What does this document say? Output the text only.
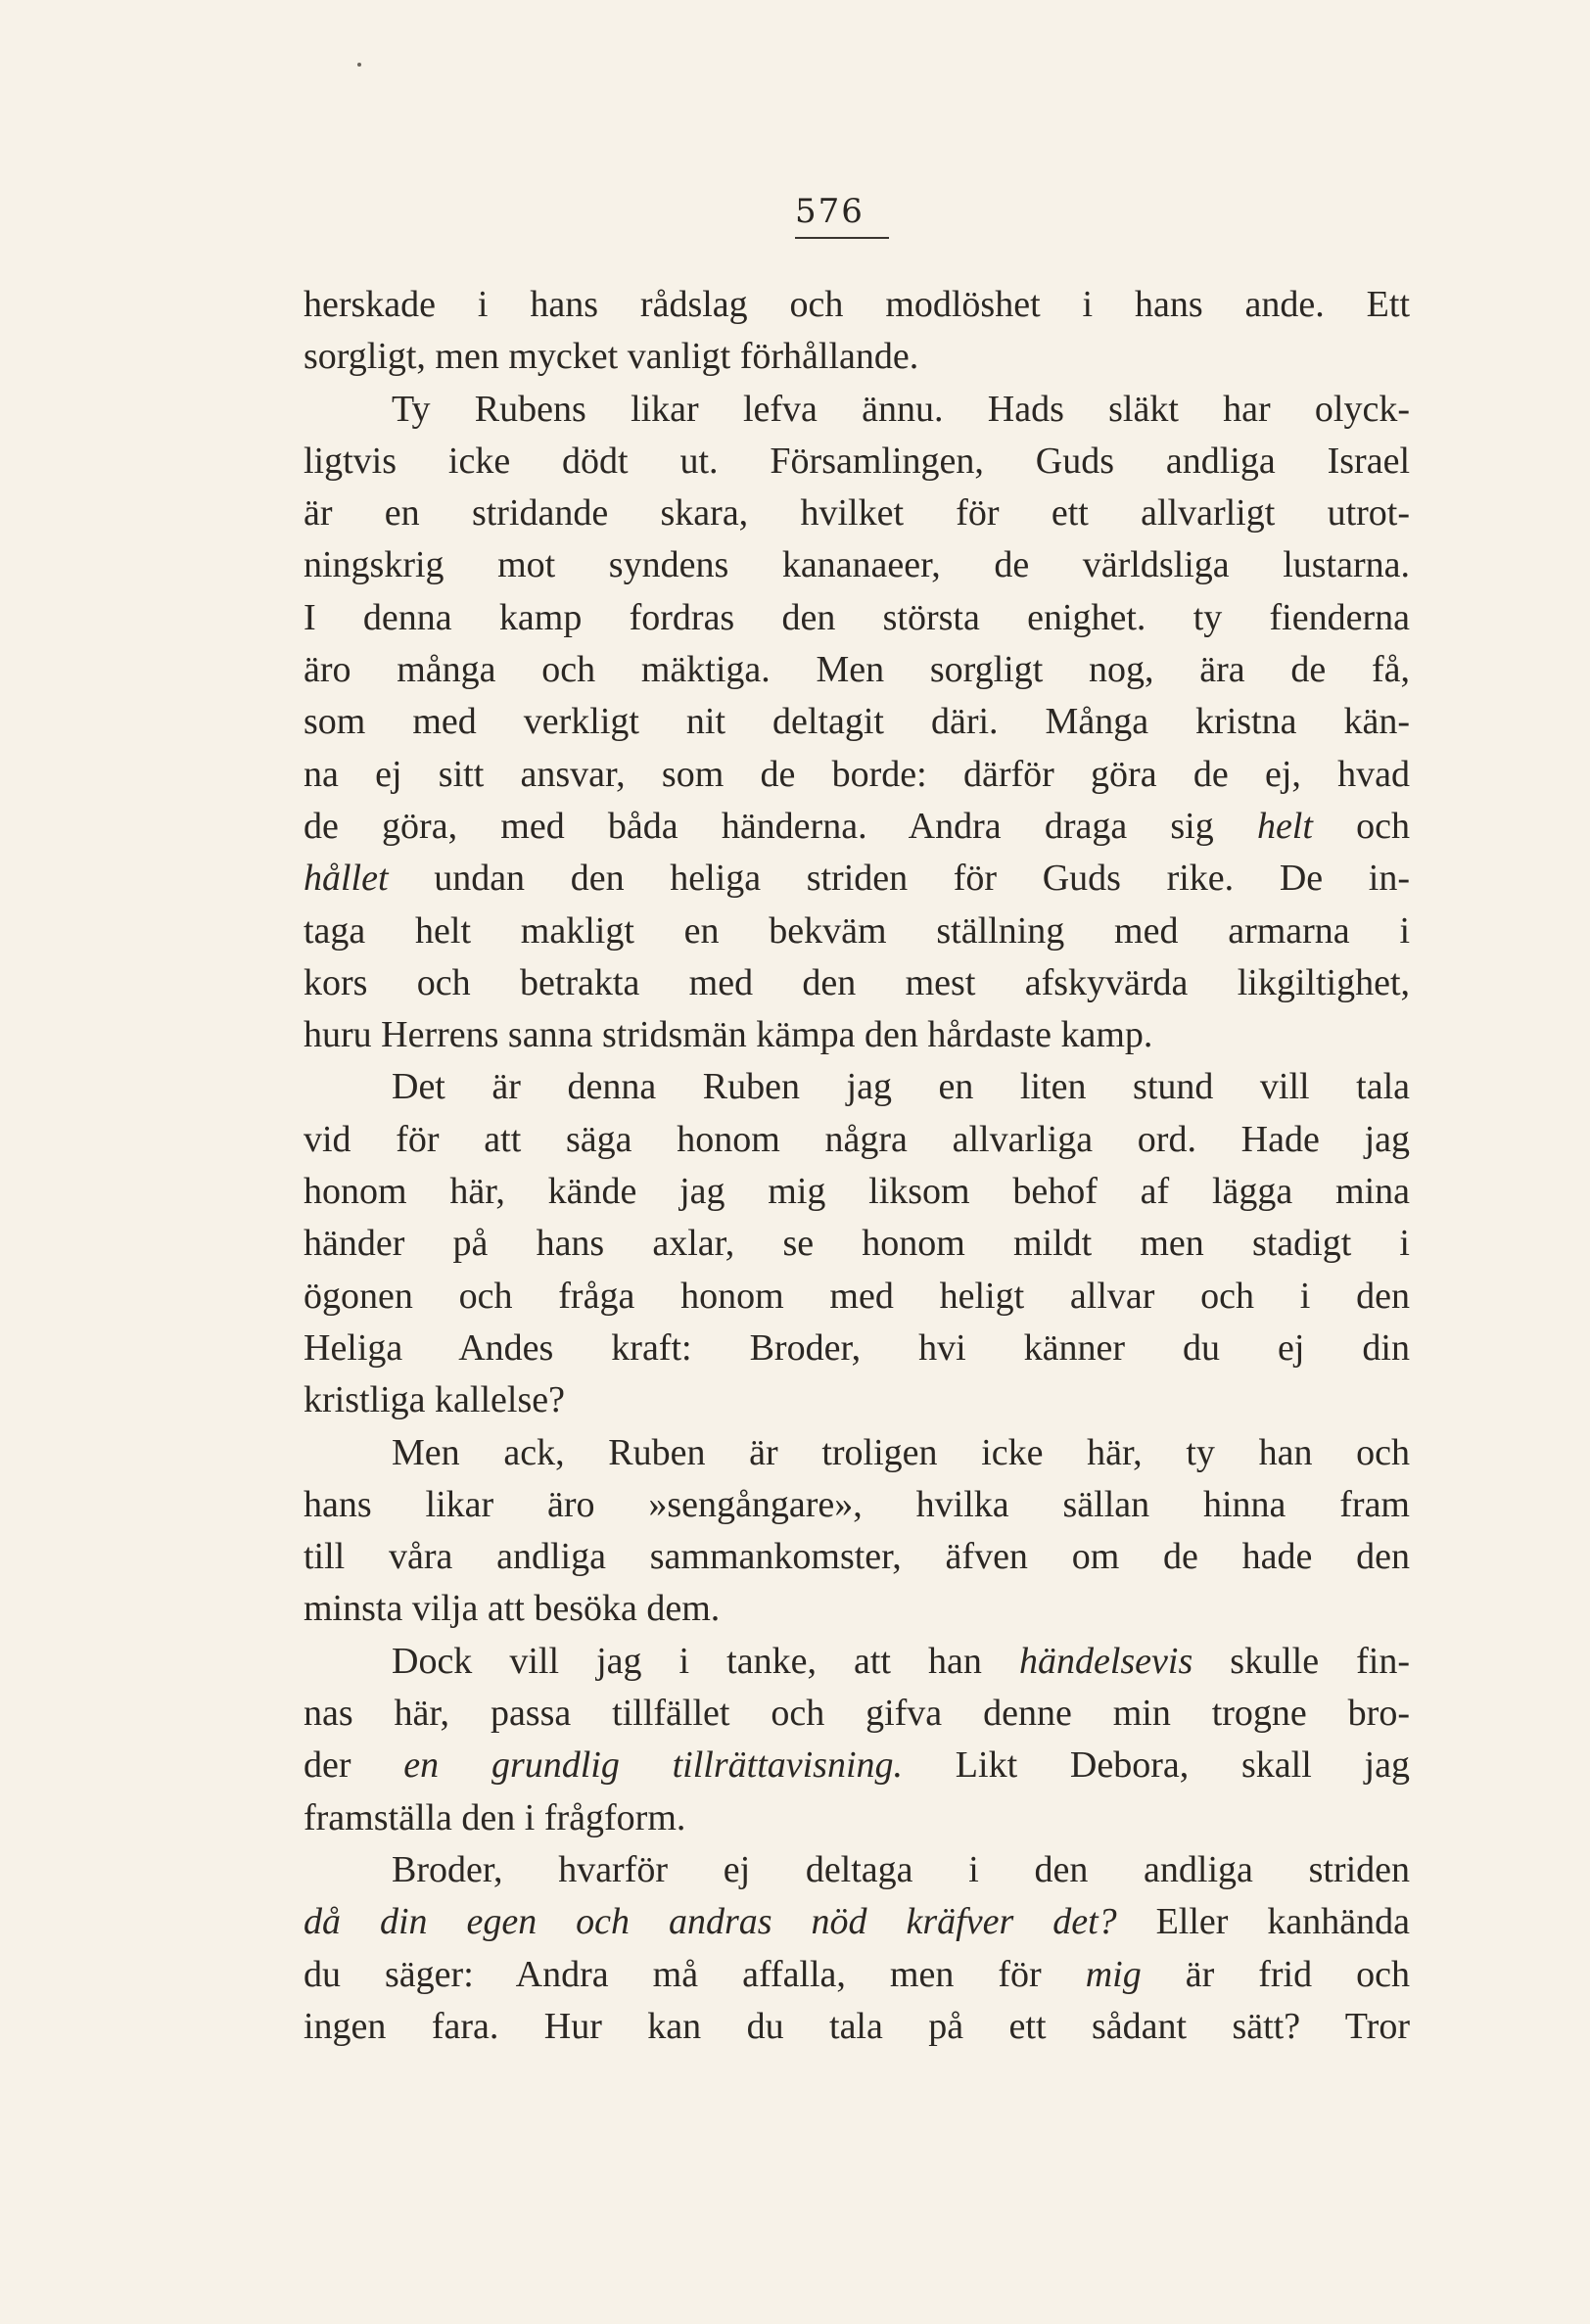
576
herskade i hans rådslag och modlöshet i hans ande. Ett
sorgligt, men mycket vanligt förhållande.
Ty Rubens likar lefva ännu. Hads släkt har olyck-
ligtvis icke dödt ut. Församlingen, Guds andliga Israel
är en stridande skara, hvilket för ett allvarligt utrot-
ningskrig mot syndens kananaeer, de världsliga lustarna.
I denna kamp fordras den största enighet. ty fienderna
äro många och mäktiga. Men sorgligt nog, ära de få,
som med verkligt nit deltagit däri. Många kristna kän-
na ej sitt ansvar, som de borde: därför göra de ej, hvad
de göra, med båda händerna. Andra draga sig helt och
hållet undan den heliga striden för Guds rike. De in-
taga helt makligt en bekväm ställning med armarna i
kors och betrakta med den mest afskyvärda likgiltighet,
huru Herrens sanna stridsmän kämpa den hårdaste kamp.
Det är denna Ruben jag en liten stund vill tala
vid för att säga honom några allvarliga ord. Hade jag
honom här, kände jag mig liksom behof af lägga mina
händer på hans axlar, se honom mildt men stadigt i
ögonen och fråga honom med heligt allvar och i den
Heliga Andes kraft: Broder, hvi känner du ej din
kristliga kallelse?
Men ack, Ruben är troligen icke här, ty han och
hans likar äro »sengångare», hvilka sällan hinna fram
till våra andliga sammankomster, äfven om de hade den
minsta vilja att besöka dem.
Dock vill jag i tanke, att han händelsevis skulle fin-
nas här, passa tillfället och gifva denne min trogne bro-
der en grundlig tillrättavisning. Likt Debora, skall jag
framställa den i frågform.
Broder, hvarför ej deltaga i den andliga striden
då din egen och andras nöd kräfver det? Eller kanhända
du säger: Andra må affalla, men för mig är frid och
ingen fara. Hur kan du tala på ett sådant sätt? Tror
